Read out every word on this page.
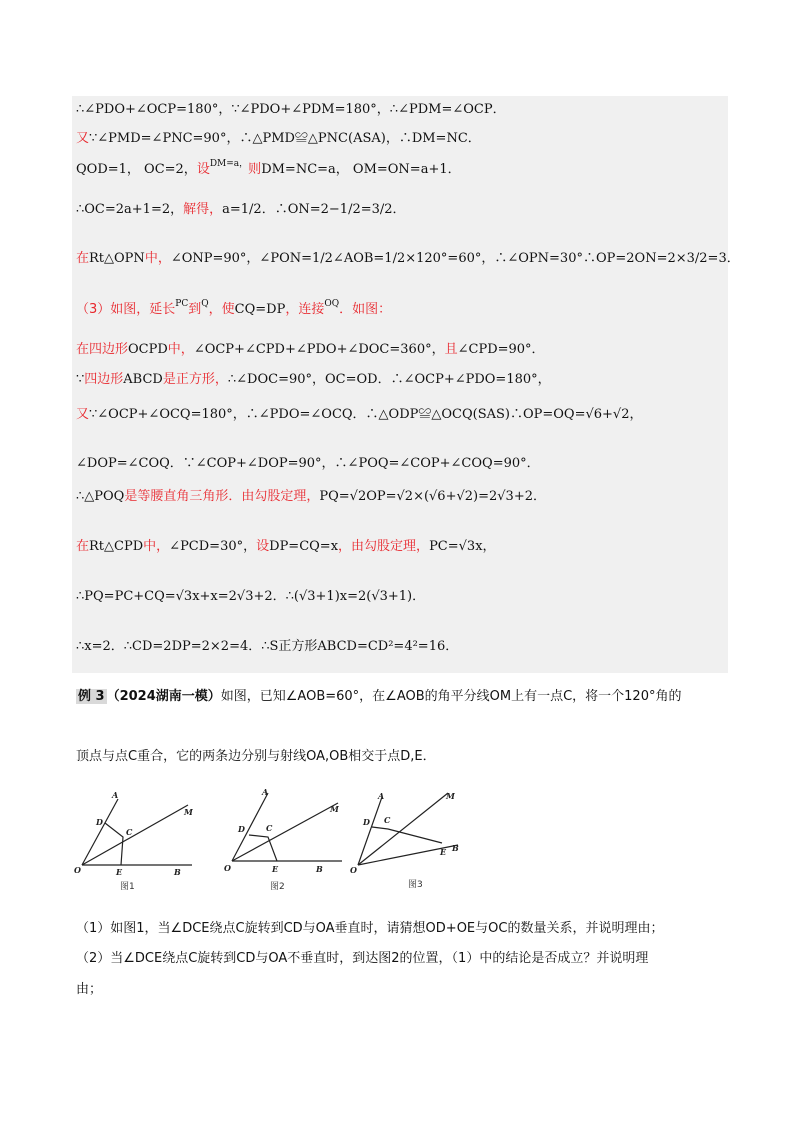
∴∠PDO+∠OCP=180°，∵∠PDO+∠PDM=180°，∴∠PDM=∠OCP．
又∵∠PMD=∠PNC=90°，∴△PMD≌△PNC(ASA)，∴DM=NC．
QOD=1， OC=2，设$^{DM=a,}$则DM=NC=a， OM=ON=a+1．
∴OC=2a+1=2，解得，a=1/2．∴ON=2−1/2=3/2．
在Rt△OPN中，∠ONP=90°，∠PON=1/2∠AOB=1/2×120°=60°，∴∠OPN=30°∴OP=2ON=2×3/2=3．
（3）如图，延长$^{PC}$到$^Q$，使CQ=DP，连接$^{OQ}$．如图：
在四边形OCPD中，∠OCP+∠CPD+∠PDO+∠DOC=360°，且∠CPD=90°．
∵四边形ABCD是正方形，∴∠DOC=90°，OC=OD．∴∠OCP+∠PDO=180°，
又∵∠OCP+∠OCQ=180°，∴∠PDO=∠OCQ．∴△ODP≌△OCQ(SAS)∴OP=OQ=√6+√2，
∠DOP=∠COQ．∵∠COP+∠DOP=90°，∴∠POQ=∠COP+∠COQ=90°．
∴△POQ是等腰直角三角形．由勾股定理，PQ=√2OP=√2×(√6+√2)=2√3+2．
在Rt△CPD中，∠PCD=30°，设DP=CQ=x，由勾股定理，PC=√3x，
∴PQ=PC+CQ=√3x+x=2√3+2．∴(√3+1)x=2(√3+1)．
∴x=2．∴CD=2DP=2×2=4．∴S正方形ABCD=CD²=4²=16．
例 3 （2024湖南一模）如图，已知∠AOB=60°，在∠AOB的角平分线OM上有一点C，将一个120°角的
顶点与点C重合，它的两条边分别与射线OA,OB相交于点D,E．
A
D
C
M
O	E	B
图1
A
D	C
M
O	E	B
图2
A	M
D C
O
E B
图3
（1）如图1，当∠DCE绕点C旋转到CD与OA垂直时，请猜想OD+OE与OC的数量关系，并说明理由；
（2）当∠DCE绕点C旋转到CD与OA不垂直时，到达图2的位置，（1）中的结论是否成立？并说明理
由；
